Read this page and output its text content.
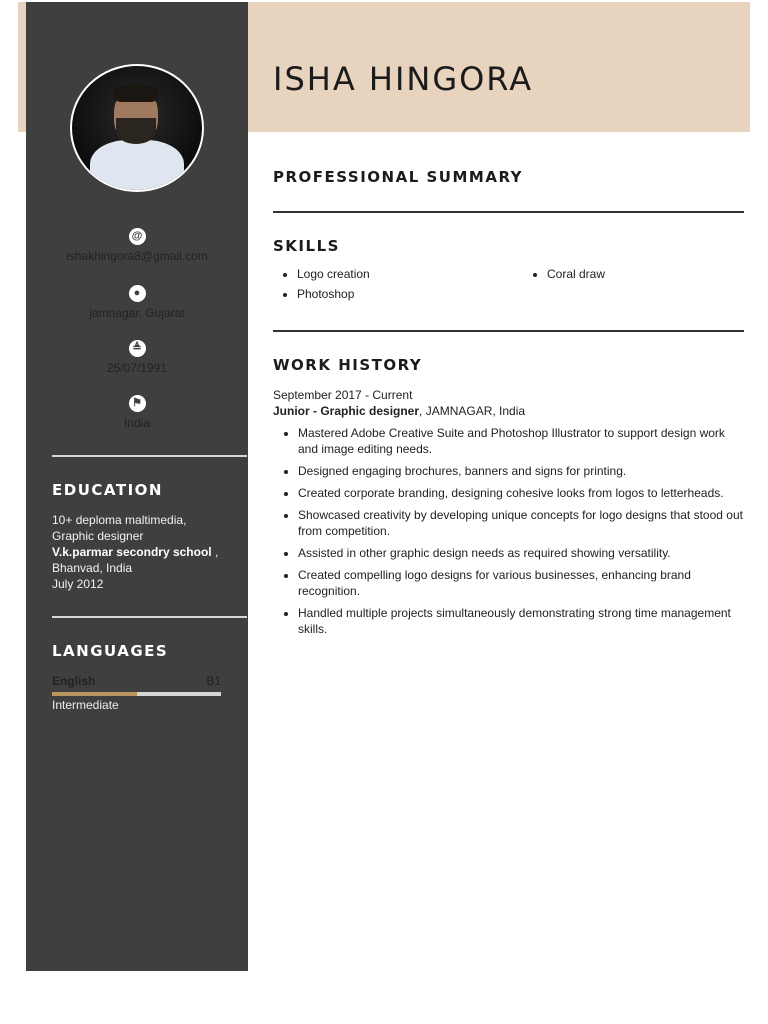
ISHA HINGORA
@
ishakhingora8@gmail.com
●
jamnagar, Gujarat
≜
25/07/1991
⚑
India
EDUCATION
10+ deploma maltimedia,
Graphic designer
V.k.parmar secondry school ,
Bhanvad, India
July 2012
LANGUAGES
English	B1
Intermediate
PROFESSIONAL SUMMARY
SKILLS
• Logo creation
• Photoshop
• Coral draw
WORK HISTORY
September 2017 - Current
Junior - Graphic designer, JAMNAGAR, India
• Mastered Adobe Creative Suite and Photoshop Illustrator to support design work and image editing needs.
• Designed engaging brochures, banners and signs for printing.
• Created corporate branding, designing cohesive looks from logos to letterheads.
• Showcased creativity by developing unique concepts for logo designs that stood out from competition.
• Assisted in other graphic design needs as required showing versatility.
• Created compelling logo designs for various businesses, enhancing brand recognition.
• Handled multiple projects simultaneously demonstrating strong time management skills.
